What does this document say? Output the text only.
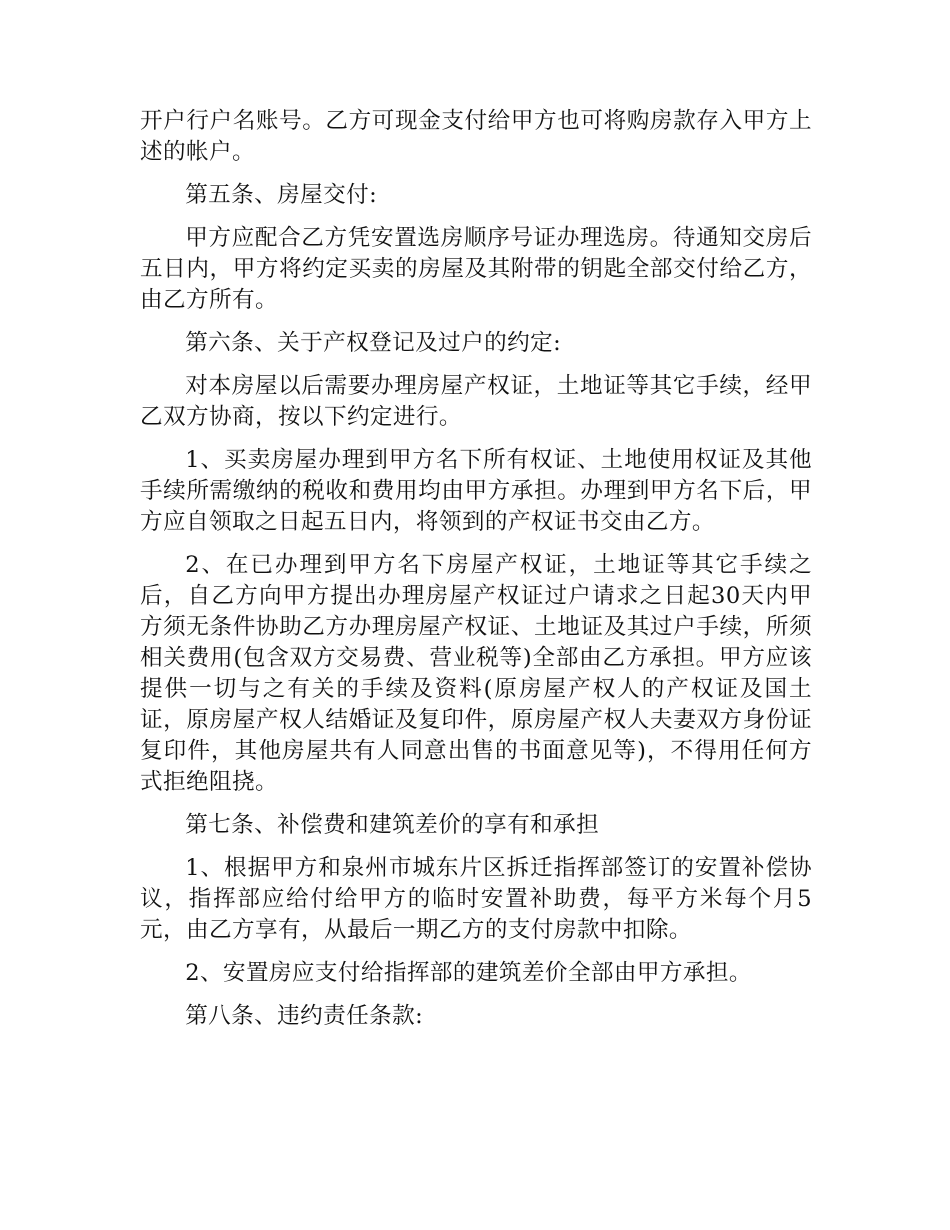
开户行户名账号。乙方可现金支付给甲方也可将购房款存入甲方上述的帐户。

第五条、房屋交付:

甲方应配合乙方凭安置选房顺序号证办理选房。待通知交房后五日内，甲方将约定买卖的房屋及其附带的钥匙全部交付给乙方，由乙方所有。

第六条、关于产权登记及过户的约定:

对本房屋以后需要办理房屋产权证，土地证等其它手续，经甲乙双方协商，按以下约定进行。

1、买卖房屋办理到甲方名下所有权证、土地使用权证及其他手续所需缴纳的税收和费用均由甲方承担。办理到甲方名下后，甲方应自领取之日起五日内，将领到的产权证书交由乙方。

2、在已办理到甲方名下房屋产权证，土地证等其它手续之后，自乙方向甲方提出办理房屋产权证过户请求之日起30天内甲方须无条件协助乙方办理房屋产权证、土地证及其过户手续，所须相关费用(包含双方交易费、营业税等)全部由乙方承担。甲方应该提供一切与之有关的手续及资料(原房屋产权人的产权证及国土证，原房屋产权人结婚证及复印件，原房屋产权人夫妻双方身份证复印件，其他房屋共有人同意出售的书面意见等)，不得用任何方式拒绝阻挠。

第七条、补偿费和建筑差价的享有和承担

1、根据甲方和泉州市城东片区拆迁指挥部签订的安置补偿协议，指挥部应给付给甲方的临时安置补助费，每平方米每个月5元，由乙方享有，从最后一期乙方的支付房款中扣除。

2、安置房应支付给指挥部的建筑差价全部由甲方承担。

第八条、违约责任条款:
